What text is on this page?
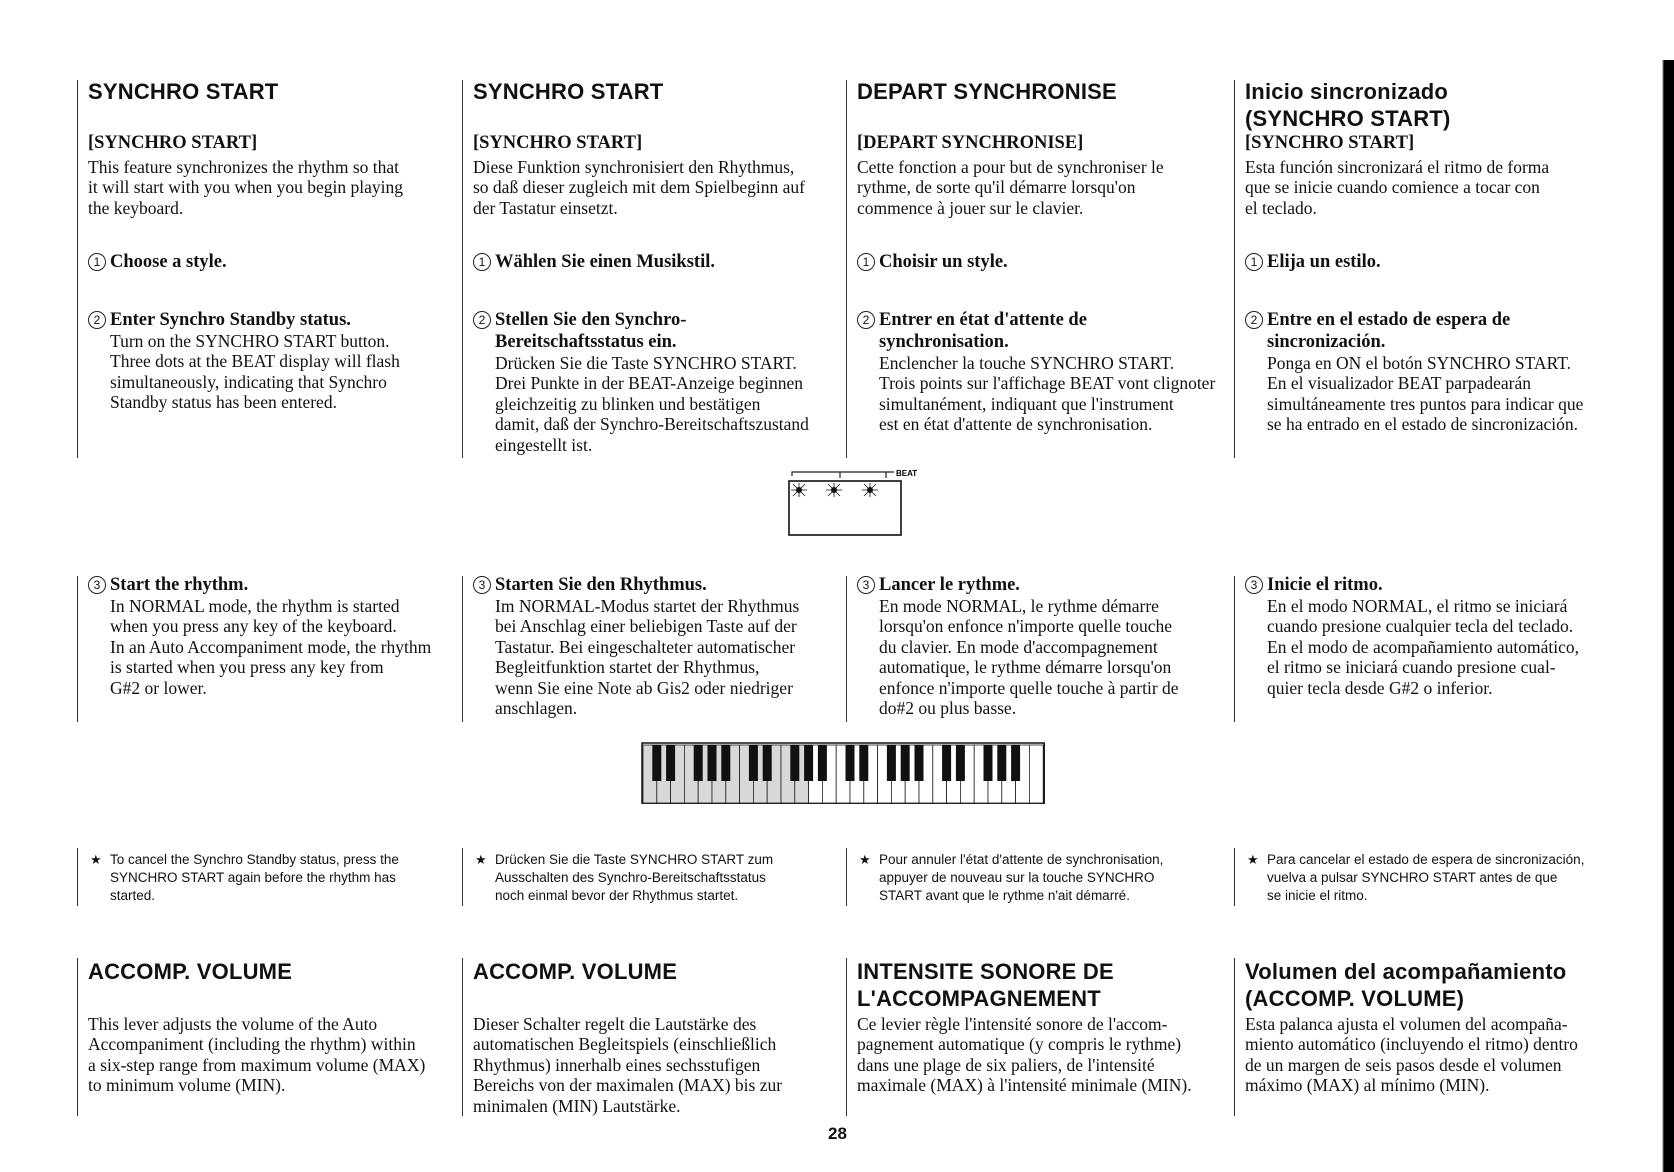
SYNCHRO START
[SYNCHRO START]
This feature synchronizes the rhythm so that
it will start with you when you begin playing
the keyboard.
1 Choose a style.
2 Enter Synchro Standby status.
Turn on the SYNCHRO START button.
Three dots at the BEAT display will flash
simultaneously, indicating that Synchro
Standby status has been entered.
3 Start the rhythm.
In NORMAL mode, the rhythm is started
when you press any key of the keyboard.
In an Auto Accompaniment mode, the rhythm
is started when you press any key from
G#2 or lower.
★ To cancel the Synchro Standby status, press the
SYNCHRO START again before the rhythm has
started.
ACCOMP. VOLUME
This lever adjusts the volume of the Auto
Accompaniment (including the rhythm) within
a six-step range from maximum volume (MAX)
to minimum volume (MIN).
SYNCHRO START
[SYNCHRO START]
Diese Funktion synchronisiert den Rhythmus,
so daß dieser zugleich mit dem Spielbeginn auf
der Tastatur einsetzt.
1 Wählen Sie einen Musikstil.
2 Stellen Sie den Synchro-
Bereitschaftsstatus ein.
Drücken Sie die Taste SYNCHRO START.
Drei Punkte in der BEAT-Anzeige beginnen
gleichzeitig zu blinken und bestätigen
damit, daß der Synchro-Bereitschaftszustand
eingestellt ist.
3 Starten Sie den Rhythmus.
Im NORMAL-Modus startet der Rhythmus
bei Anschlag einer beliebigen Taste auf der
Tastatur. Bei eingeschalteter automatischer
Begleitfunktion startet der Rhythmus,
wenn Sie eine Note ab Gis2 oder niedriger
anschlagen.
★ Drücken Sie die Taste SYNCHRO START zum
Ausschalten des Synchro-Bereitschaftsstatus
noch einmal bevor der Rhythmus startet.
ACCOMP. VOLUME
Dieser Schalter regelt die Lautstärke des
automatischen Begleitspiels (einschließlich
Rhythmus) innerhalb eines sechsstufigen
Bereichs von der maximalen (MAX) bis zur
minimalen (MIN) Lautstärke.
DEPART SYNCHRONISE
[DEPART SYNCHRONISE]
Cette fonction a pour but de synchroniser le
rythme, de sorte qu'il démarre lorsqu'on
commence à jouer sur le clavier.
1 Choisir un style.
2 Entrer en état d'attente de
synchronisation.
Enclencher la touche SYNCHRO START.
Trois points sur l'affichage BEAT vont clignoter
simultanément, indiquant que l'instrument
est en état d'attente de synchronisation.
3 Lancer le rythme.
En mode NORMAL, le rythme démarre
lorsqu'on enfonce n'importe quelle touche
du clavier. En mode d'accompagnement
automatique, le rythme démarre lorsqu'on
enfonce n'importe quelle touche à partir de
do#2 ou plus basse.
★ Pour annuler l'état d'attente de synchronisation,
appuyer de nouveau sur la touche SYNCHRO
START avant que le rythme n'ait démarré.
INTENSITE SONORE DE
L'ACCOMPAGNEMENT
Ce levier règle l'intensité sonore de l'accom-
pagnement automatique (y compris le rythme)
dans une plage de six paliers, de l'intensité
maximale (MAX) à l'intensité minimale (MIN).
Inicio sincronizado
(SYNCHRO START)
[SYNCHRO START]
Esta función sincronizará el ritmo de forma
que se inicie cuando comience a tocar con
el teclado.
1 Elija un estilo.
2 Entre en el estado de espera de
sincronización.
Ponga en ON el botón SYNCHRO START.
En el visualizador BEAT parpadearán
simultáneamente tres puntos para indicar que
se ha entrado en el estado de sincronización.
3 Inicie el ritmo.
En el modo NORMAL, el ritmo se iniciará
cuando presione cualquier tecla del teclado.
En el modo de acompañamiento automático,
el ritmo se iniciará cuando presione cual-
quier tecla desde G#2 o inferior.
★ Para cancelar el estado de espera de sincronización,
vuelva a pulsar SYNCHRO START antes de que
se inicie el ritmo.
Volumen del acompañamiento
(ACCOMP. VOLUME)
Esta palanca ajusta el volumen del acompaña-
miento automático (incluyendo el ritmo) dentro
de un margen de seis pasos desde el volumen
máximo (MAX) al mínimo (MIN).
BEAT
28
